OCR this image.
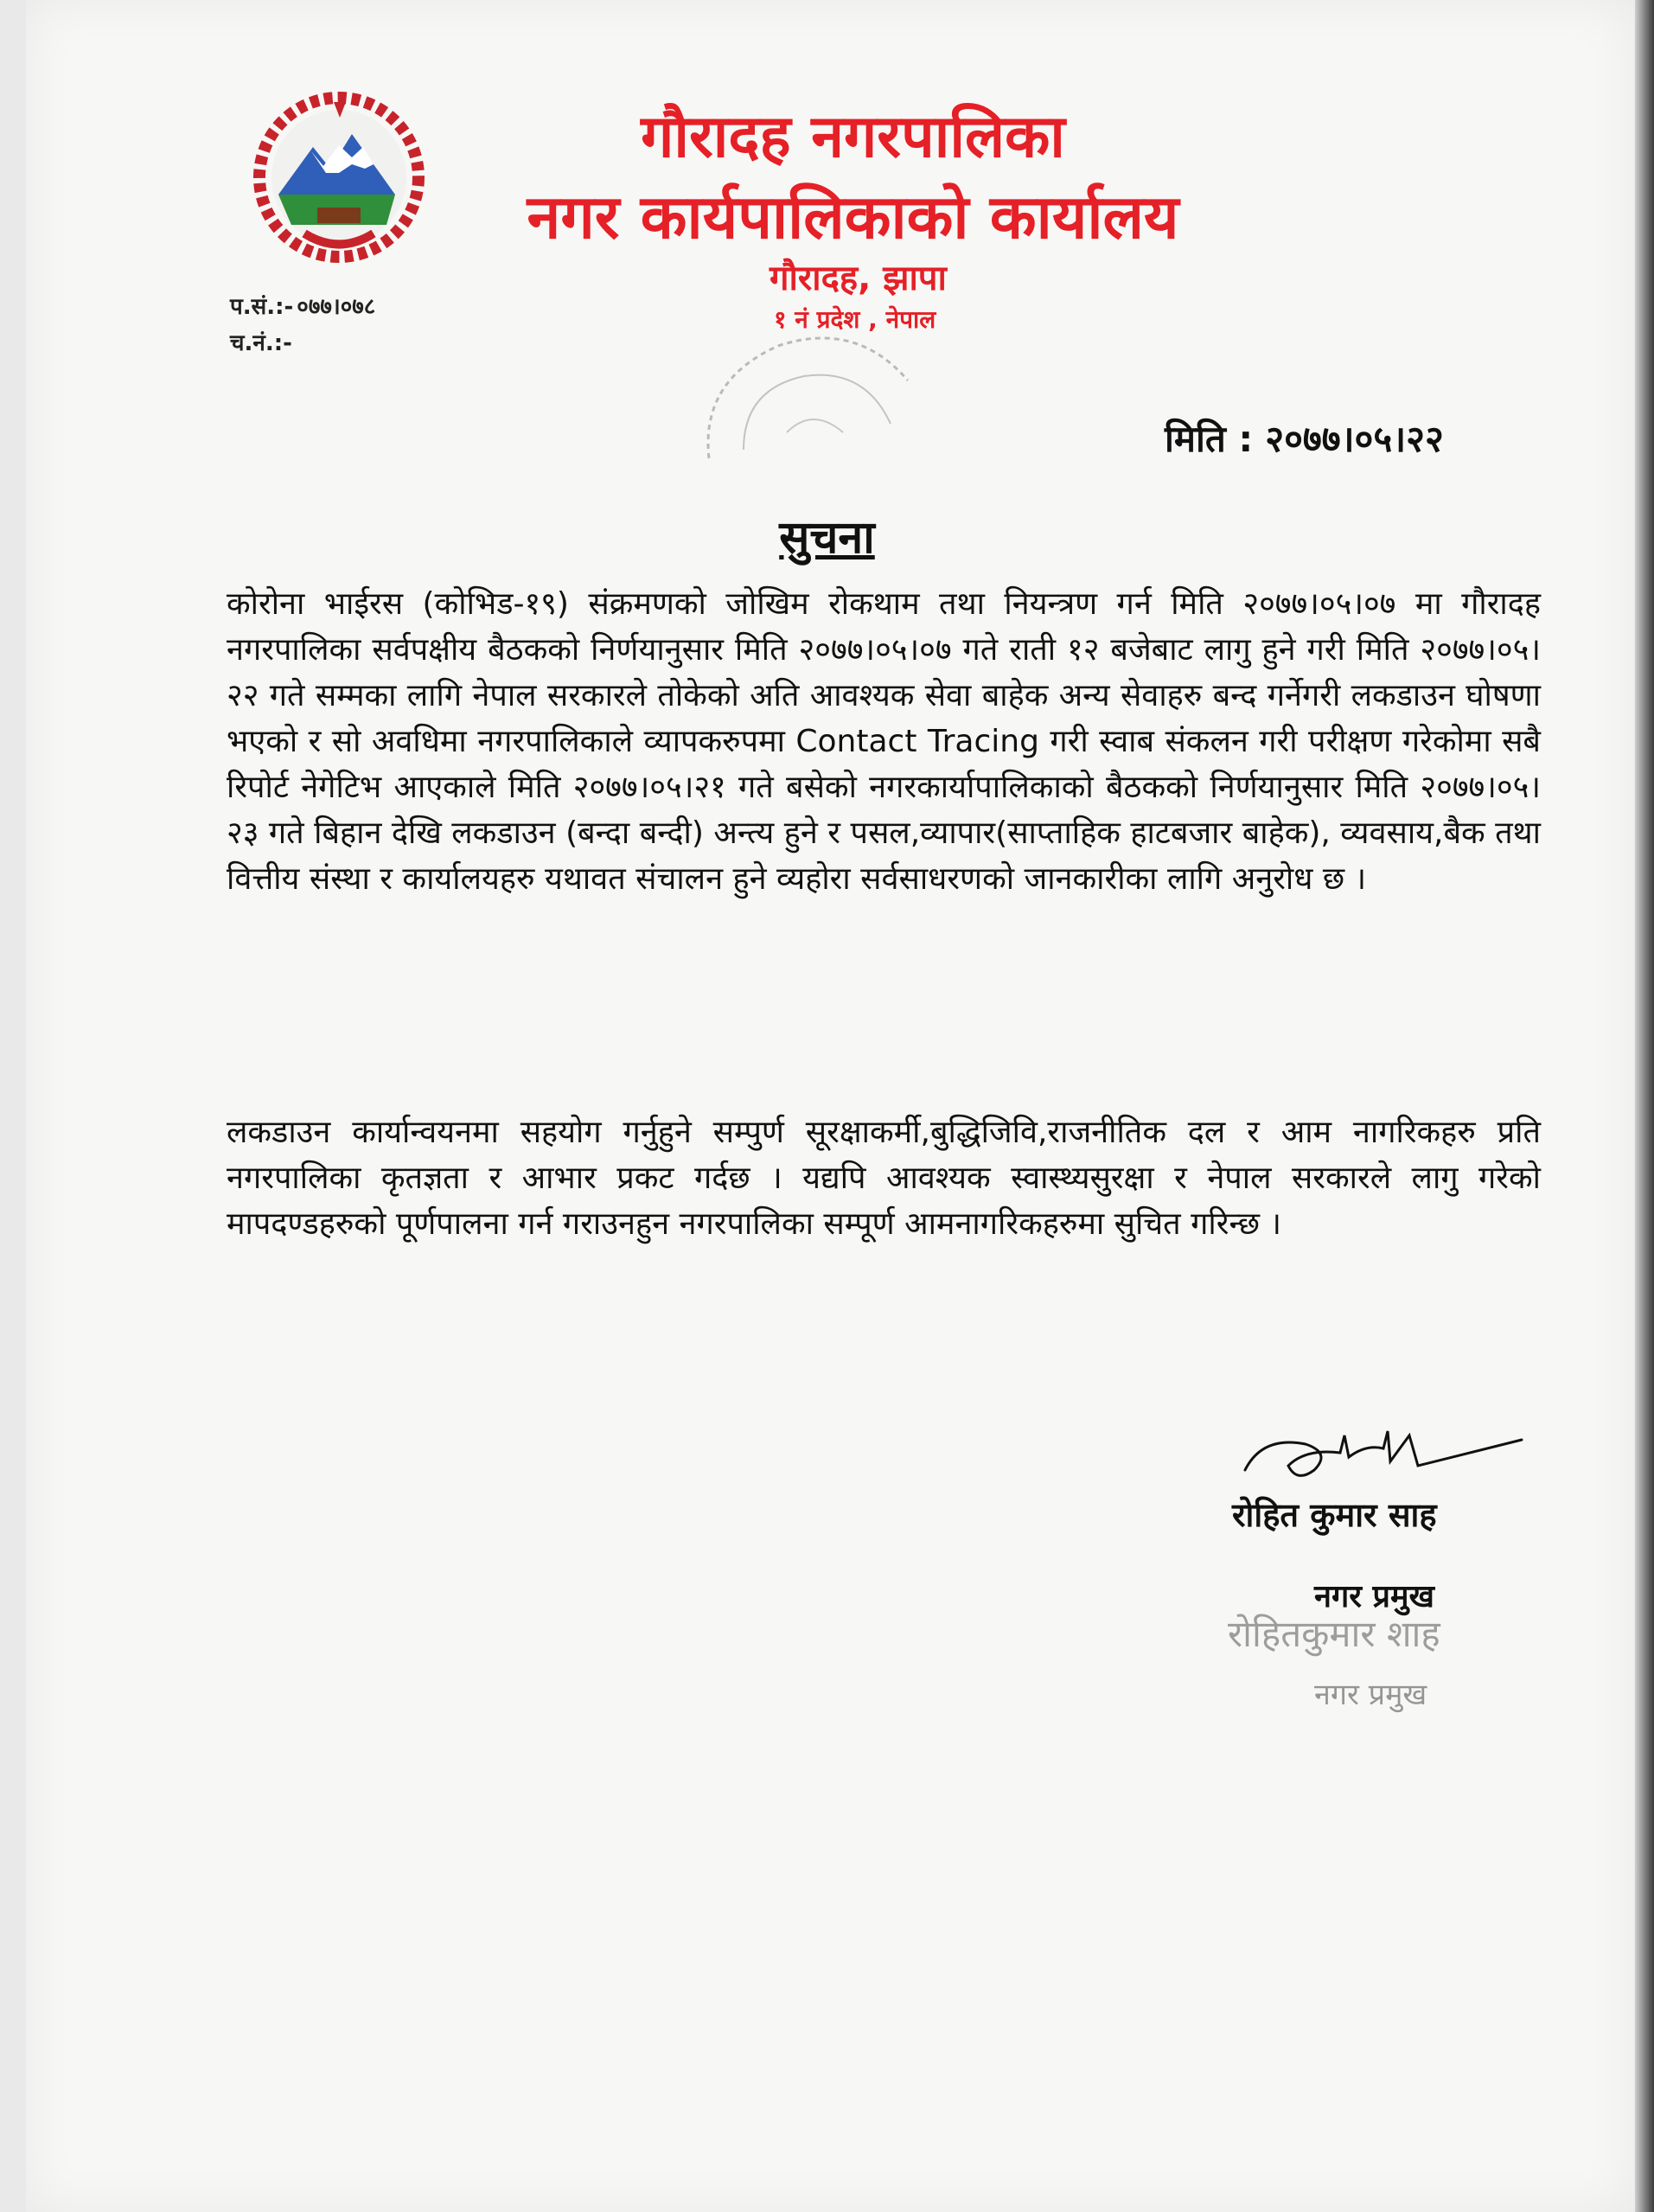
गौरादह नगरपालिका

नगर कार्यपालिकाको कार्यालय

गौरादह, झापा
१ नं प्रदेश , नेपाल
प.सं.:- ०७७।०७८
च.नं.:-
मिति : २०७७।०५।२२
सुचना

कोरोना भाईरस (कोभिड-१९) संक्रमणको जोखिम रोकथाम तथा नियन्त्रण गर्न मिति २०७७।०५।०७ मा गौरादह नगरपालिका सर्वपक्षीय बैठकको निर्णयानुसार मिति २०७७।०५।०७ गते राती १२ बजेबाट लागु हुने गरी मिति २०७७।०५।२२ गते सम्मका लागि नेपाल सरकारले तोकेको अति आवश्यक सेवा बाहेक अन्य सेवाहरु बन्द गर्नेगरी लकडाउन घोषणा भएको र सो अवधिमा नगरपालिकाले व्यापकरुपमा Contact Tracing गरी स्वाब संकलन गरी परीक्षण गरेकोमा सबै रिपोर्ट नेगेटिभ आएकाले मिति २०७७।०५।२१ गते बसेको नगरकार्यापालिकाको बैठकको निर्णयानुसार मिति २०७७।०५।२३ गते बिहान देखि लकडाउन (बन्दा बन्दी) अन्त्य हुने र पसल,व्यापार(साप्ताहिक हाटबजार बाहेक), व्यवसाय,बैक तथा वित्तीय संस्था र कार्यालयहरु यथावत संचालन हुने व्यहोरा सर्वसाधरणको जानकारीका लागि अनुरोध छ ।

लकडाउन कार्यान्वयनमा सहयोग गर्नुहुने सम्पुर्ण सूरक्षाकर्मी,बुद्धिजिवि,राजनीतिक दल र आम नागरिकहरु प्रति नगरपालिका कृतज्ञता र आभार प्रकट गर्दछ । यद्यपि आवश्यक स्वास्थ्यसुरक्षा र नेपाल सरकारले लागु गरेको मापदण्डहरुको पूर्णपालना गर्न गराउनहुन नगरपालिका सम्पूर्ण आमनागरिकहरुमा सुचित गरिन्छ ।

रोहित कुमार साह
नगर प्रमुख
रोहितकुमार शाह
नगर प्रमुख
